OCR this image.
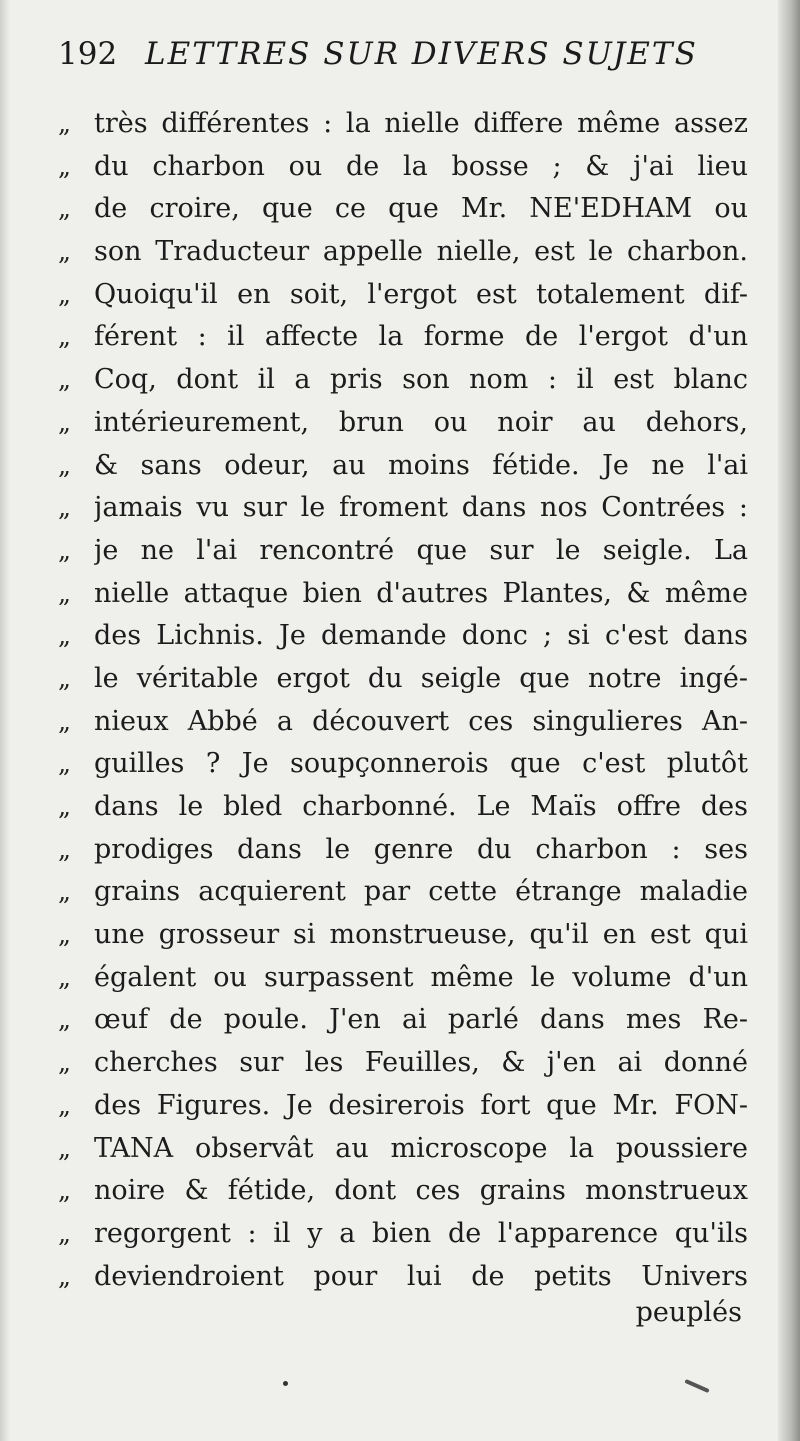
192 LETTRES SUR DIVERS SUJETS
„ très différentes : la nielle differe même assez
„ du charbon ou de la bosse ; & j'ai lieu
„ de croire, que ce que Mr. NE'EDHAM ou
„ son Traducteur appelle nielle, est le charbon.
„ Quoiqu'il en soit, l'ergot est totalement dif-
„ férent : il affecte la forme de l'ergot d'un
„ Coq, dont il a pris son nom : il est blanc
„ intérieurement, brun ou noir au dehors,
„ & sans odeur, au moins fétide. Je ne l'ai
„ jamais vu sur le froment dans nos Contrées :
„ je ne l'ai rencontré que sur le seigle. La
„ nielle attaque bien d'autres Plantes, & même
„ des Lichnis. Je demande donc ; si c'est dans
„ le véritable ergot du seigle que notre ingé-
„ nieux Abbé a découvert ces singulieres An-
„ guilles ? Je soupçonnerois que c'est plutôt
„ dans le bled charbonné. Le Maïs offre des
„ prodiges dans le genre du charbon : ses
„ grains acquierent par cette étrange maladie
„ une grosseur si monstrueuse, qu'il en est qui
„ égalent ou surpassent même le volume d'un
„ œuf de poule. J'en ai parlé dans mes Re-
„ cherches sur les Feuilles, & j'en ai donné
„ des Figures. Je desirerois fort que Mr. FON-
„ TANA observât au microscope la poussiere
„ noire & fétide, dont ces grains monstrueux
„ regorgent : il y a bien de l'apparence qu'ils
„ deviendroient pour lui de petits Univers
peuplés
